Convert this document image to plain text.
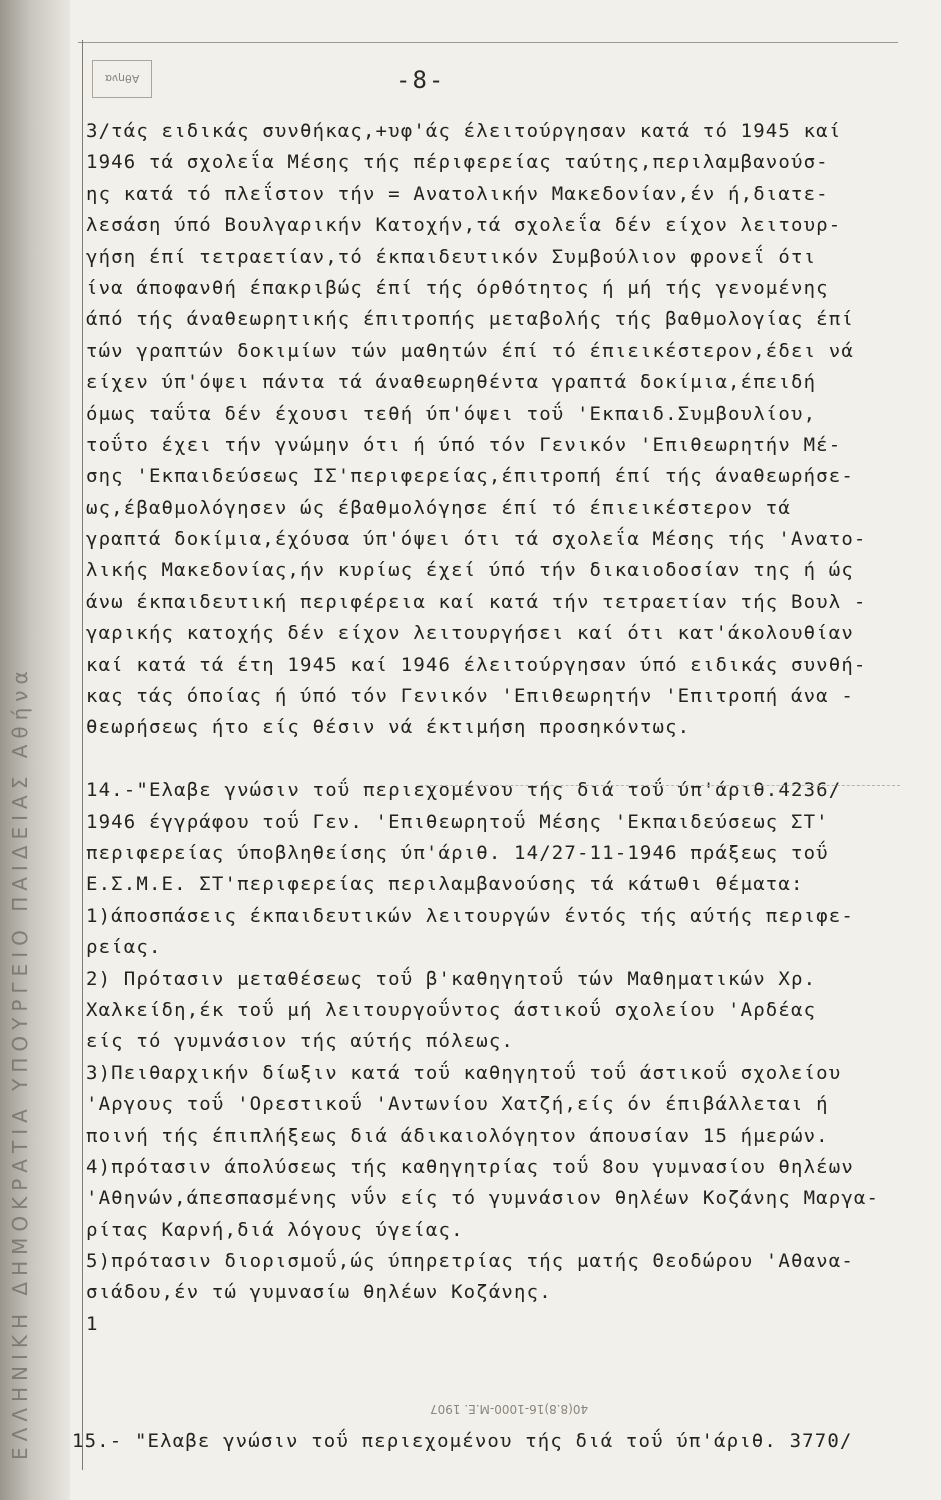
ΕΛΛΗΝΙΚΗ ΔΗΜΟΚΡΑΤΙΑ ΥΠΟΥΡΓΕΙΟ ΠΑΙΔΕΙΑΣ Αθήνα
Αθηνα	-8-
3/τάς ειδικάς συνθήκας,+υφ'άς έλειτούργησαν κατά τό 1945 καί
1946 τά σχολεΐα Μέσης τής πέριφερείας ταύτης,περιλαμβανούσ-
ης κατά τό πλεΐστον τήν = Ανατολικήν Μακεδονίαν,έν ή,διατε-
λεσάση ύπό Βουλγαρικήν Κατοχήν,τά σχολεΐα δέν είχον λειτουρ-
γήση έπί τετραετίαν,τό έκπαιδευτικόν Συμβούλιον φρονεΐ ότι
ίνα άποφανθή έπακριβώς έπί τής όρθότητος ή μή τής γενομένης
άπό τής άναθεωρητικής έπιτροπής μεταβολής τής βαθμολογίας έπί
τών γραπτών δοκιμίων τών μαθητών έπί τό έπιεικέστερον,έδει νά
είχεν ύπ'όψει πάντα τά άναθεωρηθέντα γραπτά δοκίμια,έπειδή
όμως ταΰτα δέν έχουσι τεθή ύπ'όψει τοΰ 'Εκπαιδ.Συμβουλίου,
τοΰτο έχει τήν γνώμην ότι ή ύπό τόν Γενικόν 'Επιθεωρητήν Μέ-
σης 'Εκπαιδεύσεως ΙΣ'περιφερείας,έπιτροπή έπί τής άναθεωρήσε-
ως,έβαθμολόγησεν ώς έβαθμολόγησε έπί τό έπιεικέστερον τά
γραπτά δοκίμια,έχόυσα ύπ'όψει ότι τά σχολεΐα Μέσης τής 'Ανατο-
λικής Μακεδονίας,ήν κυρίως έχεί ύπό τήν δικαιοδοσίαν της ή ώς
άνω έκπαιδευτική περιφέρεια καί κατά τήν τετραετίαν τής Βουλ -
γαρικής κατοχής δέν είχον λειτουργήσει καί ότι κατ'άκολουθίαν
καί κατά τά έτη 1945 καί 1946 έλειτούργησαν ύπό ειδικάς συνθή-
κας τάς όποίας ή ύπό τόν Γενικόν 'Επιθεωρητήν 'Επιτροπή άνα -
θεωρήσεως ήτο είς θέσιν νά έκτιμήση προσηκόντως.
14.-"Ελαβε γνώσιν τοΰ περιεχομένου τής διά τοΰ ύπ'άριθ.4236/
1946 έγγράφου τοΰ Γεν. 'Επιθεωρητοΰ Μέσης 'Εκπαιδεύσεως ΣΤ'
περιφερείας ύποβληθείσης ύπ'άριθ. 14/27-11-1946 πράξεως τοΰ
Ε.Σ.Μ.Ε. ΣΤ'περιφερείας περιλαμβανούσης τά κάτωθι θέματα:
1)άποσπάσεις έκπαιδευτικών λειτουργών έντός τής αύτής περιφε-
ρείας.
2) Πρότασιν μεταθέσεως τοΰ β'καθηγητοΰ τών Μαθηματικών Χρ.
Χαλκείδη,έκ τοΰ μή λειτουργοΰντος άστικοΰ σχολείου 'Αρδέας
είς τό γυμνάσιον τής αύτής πόλεως.
3)Πειθαρχικήν δίωξιν κατά τοΰ καθηγητοΰ τοΰ άστικοΰ σχολείου
'Αργους τοΰ 'Ορεστικοΰ 'Αντωνίου Χατζή,είς όν έπιβάλλεται ή
ποινή τής έπιπλήξεως διά άδικαιολόγητον άπουσίαν 15 ήμερών.
4)πρότασιν άπολύσεως τής καθηγητρίας τοΰ 8ου γυμνασίου θηλέων
'Αθηνών,άπεσπασμένης νΰν είς τό γυμνάσιον θηλέων Κοζάνης Μαργα-
ρίτας Καρνή,διά λόγους ύγείας.
5)πρότασιν διορισμοΰ,ώς ύπηρετρίας τής ματής Θεοδώρου 'Αθανα-
σιάδου,έν τώ γυμνασίω θηλέων Κοζάνης.
1
40(8.8)16-1000-Μ.Ε. 1907
15.- "Ελαβε γνώσιν τοΰ περιεχομένου τής διά τοΰ ύπ'άριθ. 3770/
